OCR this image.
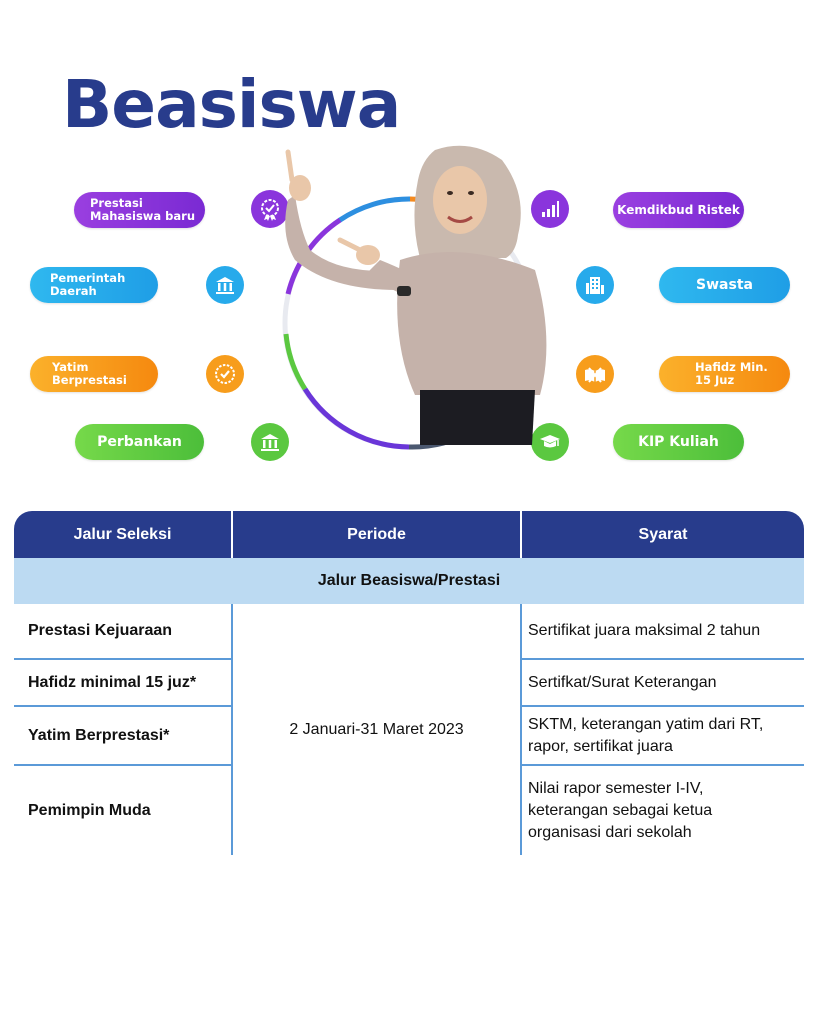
Beasiswa
Prestasi
Mahasiswa baru
Pemerintah
Daerah
Yatim
Berprestasi
Perbankan
Kemdikbud Ristek
Swasta
Hafidz Min.
15 Juz
KIP Kuliah
Jalur Seleksi	Periode	Syarat
Jalur Beasiswa/Prestasi		
Prestasi Kejuaraan	2 Januari-31 Maret 2023	Sertifikat juara maksimal 2 tahun

Hafidz minimal 15 juz*		Sertifkat/Surat Keterangan

Yatim Berprestasi*		SKTM, keterangan yatim dari RT,
rapor, sertifikat juara

Pemimpin Muda		Nilai rapor semester I-IV,
keterangan sebagai ketua
organisasi dari sekolah
